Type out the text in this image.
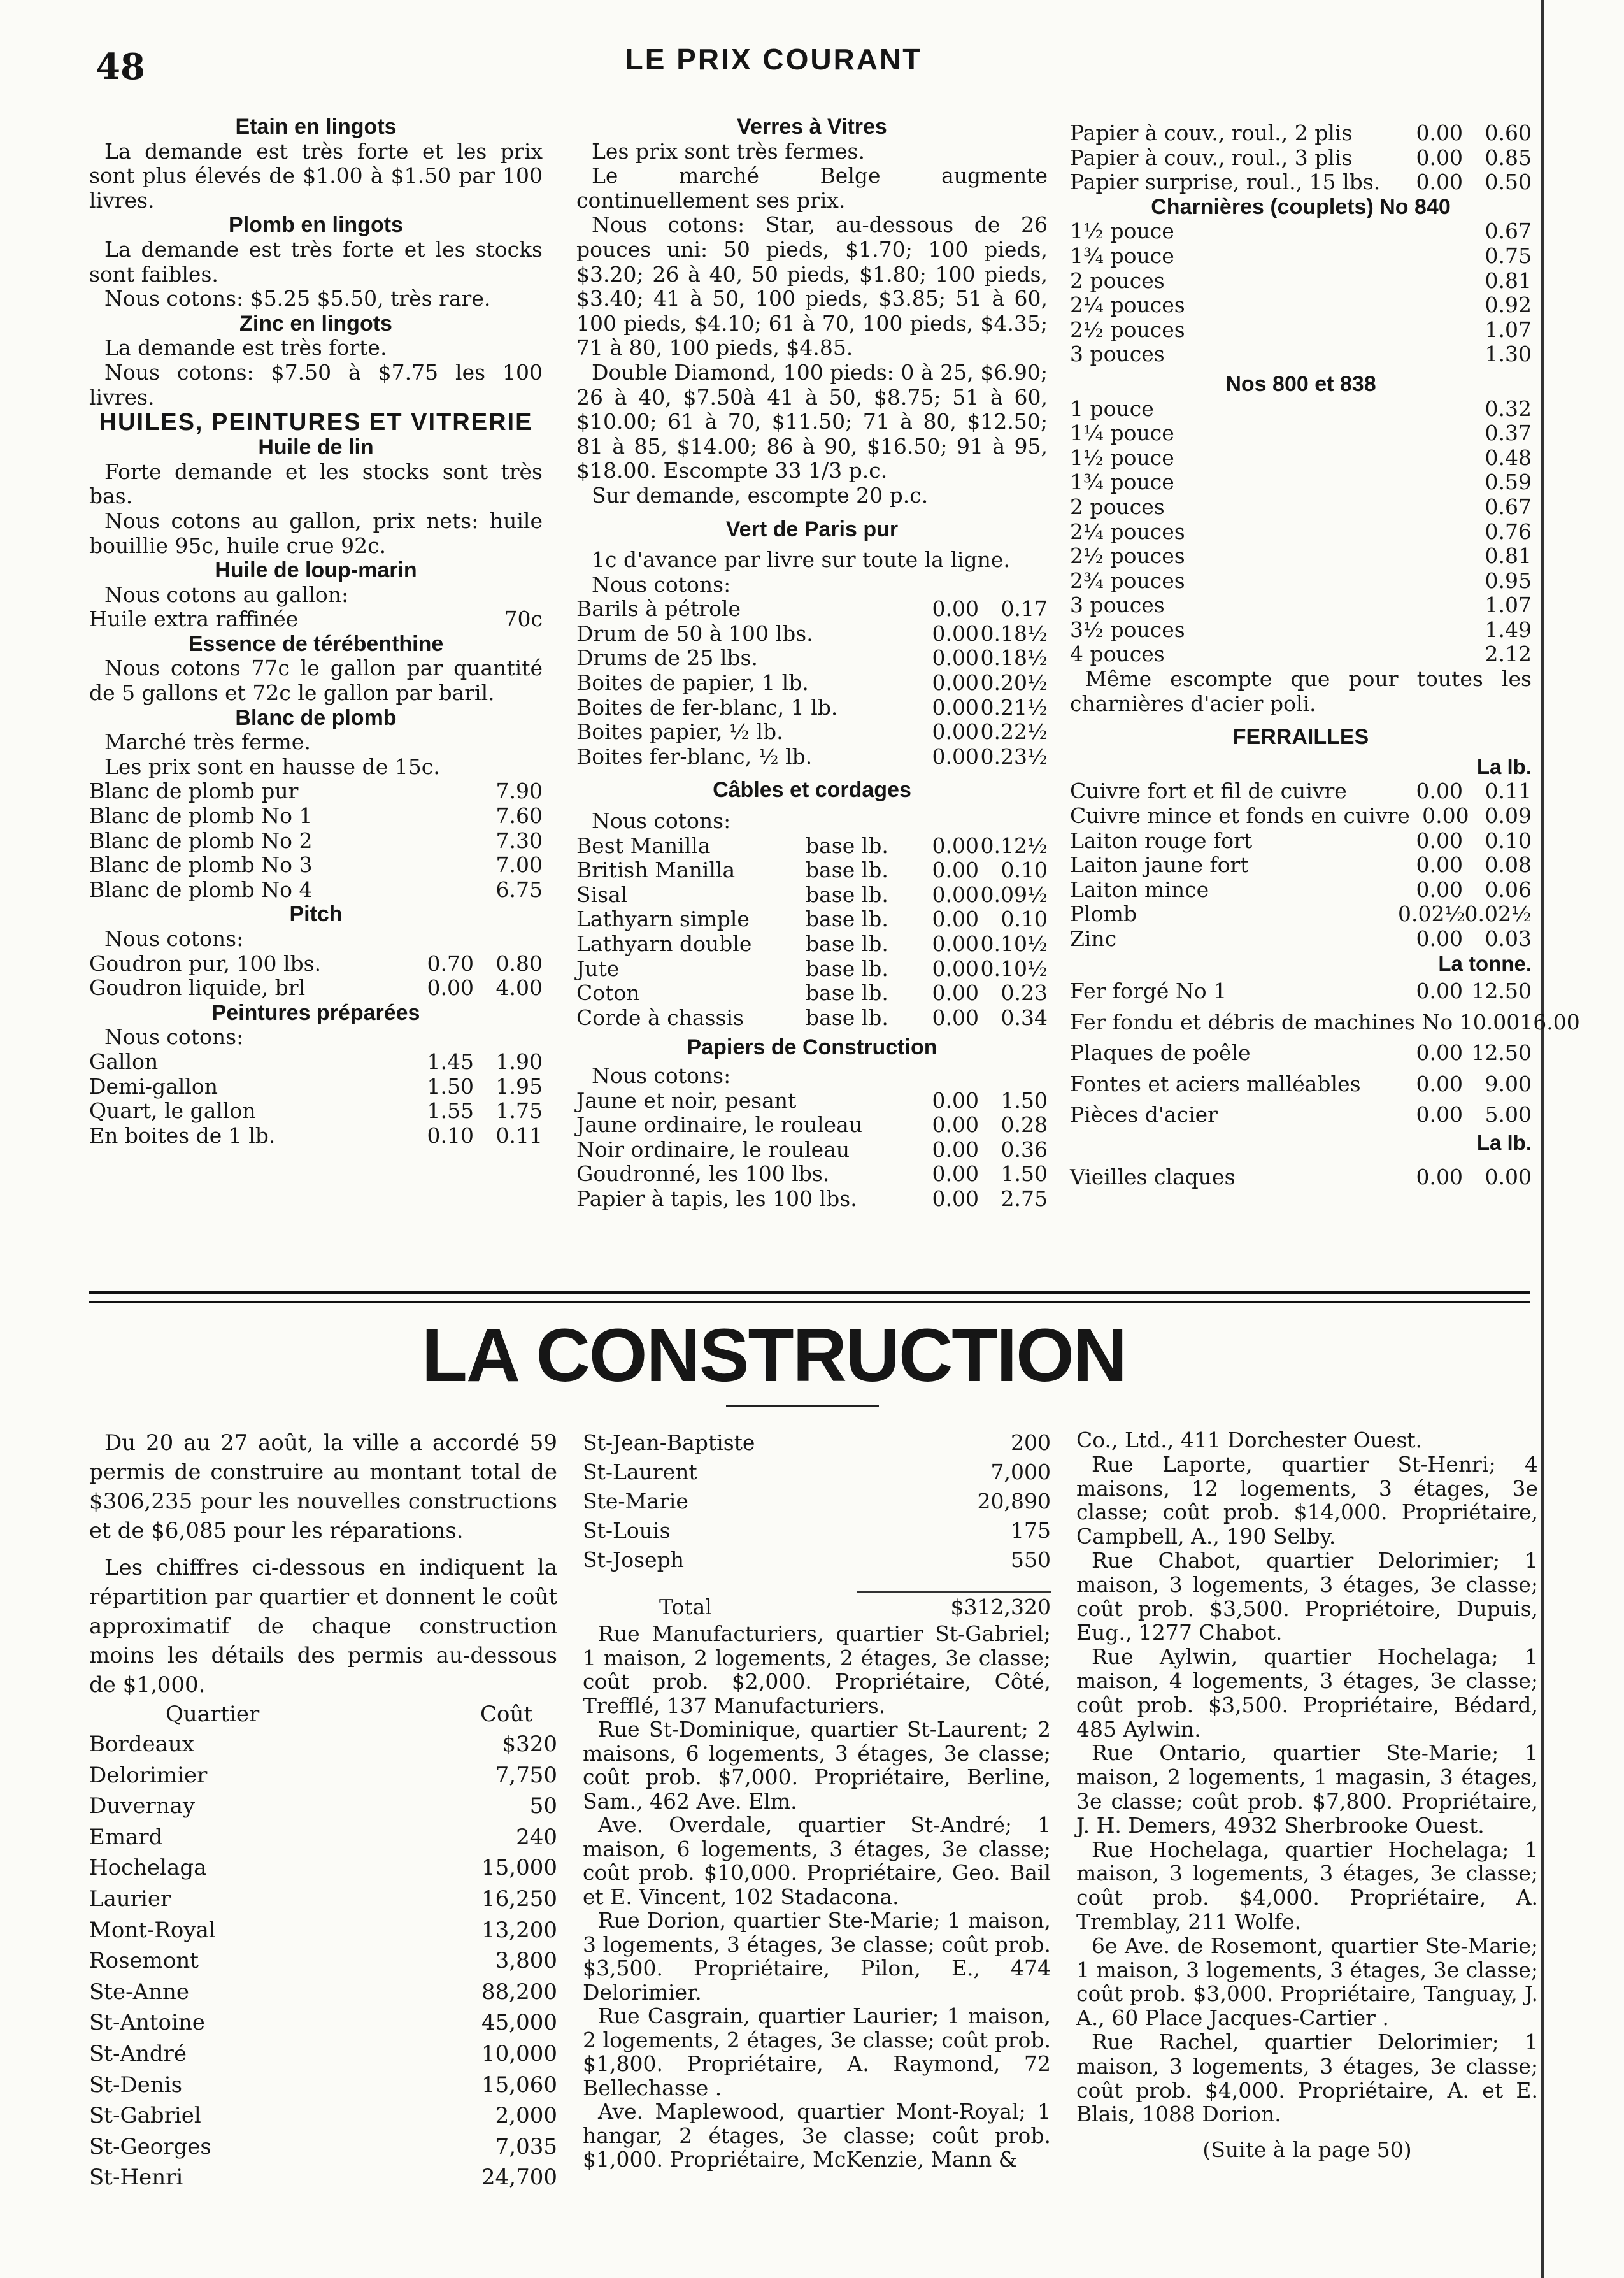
48	LE PRIX COURANT
Etain en lingots

La demande est très forte et les prix sont plus élevés de $1.00 à $1.50 par 100 livres.

Plomb en lingots

La demande est très forte et les stocks sont faibles.

Nous cotons: $5.25 $5.50, très rare.

Zinc en lingots

La demande est très forte.

Nous cotons: $7.50 à $7.75 les 100 livres.

HUILES, PEINTURES ET VITRERIE
Huile de lin

Forte demande et les stocks sont très bas.

Nous cotons au gallon, prix nets: huile bouillie 95c, huile crue 92c.

Huile de loup-marin

Nous cotons au gallon:

Huile extra raffinée	70c
Essence de térébenthine

Nous cotons 77c le gallon par quantité de 5 gallons et 72c le gallon par baril.

Blanc de plomb

Marché très ferme.

Les prix sont en hausse de 15c.

Blanc de plomb pur	7.90
Blanc de plomb No 1	7.60
Blanc de plomb No 2	7.30
Blanc de plomb No 3	7.00
Blanc de plomb No 4	6.75
Pitch

Nous cotons:

Goudron pur, 100 lbs.	0.70	0.80
Goudron liquide, brl	0.00	4.00
Peintures préparées

Nous cotons:

Gallon	1.45	1.90
Demi-gallon	1.50	1.95
Quart, le gallon	1.55	1.75
En boites de 1 lb.	0.10	0.11
Verres à Vitres

Les prix sont très fermes.

Le marché Belge augmente continuellement ses prix.

Nous cotons: Star, au-dessous de 26 pouces uni: 50 pieds, $1.70; 100 pieds, $3.20; 26 à 40, 50 pieds, $1.80; 100 pieds, $3.40; 41 à 50, 100 pieds, $3.85; 51 à 60, 100 pieds, $4.10; 61 à 70, 100 pieds, $4.35; 71 à 80, 100 pieds, $4.85.

Double Diamond, 100 pieds: 0 à 25, $6.90; 26 à 40, $7.50à 41 à 50, $8.75; 51 à 60, $10.00; 61 à 70, $11.50; 71 à 80, $12.50; 81 à 85, $14.00; 86 à 90, $16.50; 91 à 95, $18.00. Escompte 33 1/3 p.c.

Sur demande, escompte 20 p.c.

Vert de Paris pur

1c d'avance par livre sur toute la ligne.

Nous cotons:

Barils à pétrole	0.00	0.17
Drum de 50 à 100 lbs.	0.00 0.18½
Drums de 25 lbs.	0.00 0.18½
Boites de papier, 1 lb.	0.00 0.20½
Boites de fer-blanc, 1 lb.	0.00 0.21½
Boites papier, ½ lb.	0.00 0.22½
Boites fer-blanc, ½ lb.	0.00 0.23½
Câbles et cordages

Nous cotons:

Best Manilla	base lb.	0.00 0.12½
British Manilla	base lb.	0.00	0.10
Sisal	base lb.	0.00 0.09½
Lathyarn simple	base lb.	0.00	0.10
Lathyarn double	base lb.	0.00 0.10½
Jute	base lb.	0.00 0.10½
Coton	base lb.	0.00	0.23
Corde à chassis	base lb.	0.00	0.34
Papiers de Construction

Nous cotons:

Jaune et noir, pesant	0.00	1.50
Jaune ordinaire, le rouleau	0.00	0.28
Noir ordinaire, le rouleau	0.00	0.36
Goudronné, les 100 lbs.	0.00	1.50
Papier à tapis, les 100 lbs.	0.00	2.75
Papier à couv., roul., 2 plis	0.00	0.60
Papier à couv., roul., 3 plis	0.00	0.85
Papier surprise, roul., 15 lbs.	0.00	0.50
Charnières (couplets) No 840
1½ pouce	0.67
1¾ pouce	0.75
2 pouces	0.81
2¼ pouces	0.92
2½ pouces	1.07
3 pouces	1.30
Nos 800 et 838
1 pouce	0.32
1¼ pouce	0.37
1½ pouce	0.48
1¾ pouce	0.59
2 pouces	0.67
2¼ pouces	0.76
2½ pouces	0.81
2¾ pouces	0.95
3 pouces	1.07
3½ pouces	1.49
4 pouces	2.12

Même escompte que pour toutes les charnières d'acier poli.

FERRAILLES
La lb.
Cuivre fort et fil de cuivre	0.00	0.11
Cuivre mince et fonds en cuivre 0.00 0.09
Laiton rouge fort	0.00	0.10
Laiton jaune fort	0.00	0.08
Laiton mince	0.00	0.06
Plomb	0.02½ 0.02½
Zinc	0.00	0.03
La tonne.
Fer forgé No 1	0.00 12.50
Fer fondu et débris de machines No 1 0.00 16.00
Plaques de poêle	0.00 12.50
Fontes et aciers malléables	0.00	9.00
Pièces d'acier	0.00	5.00
La lb.
Vieilles claques	0.00	0.00
LA CONSTRUCTION

Du 20 au 27 août, la ville a accordé 59 permis de construire au montant total de $306,235 pour les nouvelles constructions et de $6,085 pour les réparations.

Les chiffres ci-dessous en indiquent la répartition par quartier et donnent le coût approximatif de chaque construction moins les détails des permis au-dessous de $1,000.

Quartier	Coût
Bordeaux	$320
Delorimier	7,750
Duvernay	50
Emard	240
Hochelaga	15,000
Laurier	16,250
Mont-Royal	13,200
Rosemont	3,800
Ste-Anne	88,200
St-Antoine	45,000
St-André	10,000
St-Denis	15,060
St-Gabriel	2,000
St-Georges	7,035
St-Henri	24,700
St-Jean-Baptiste	200
St-Laurent	7,000
Ste-Marie	20,890
St-Louis	175
St-Joseph	550
Total	$312,320

Rue Manufacturiers, quartier St-Gabriel; 1 maison, 2 logements, 2 étages, 3e classe; coût prob. $2,000. Propriétaire, Côté, Trefflé, 137 Manufacturiers.

Rue St-Dominique, quartier St-Laurent; 2 maisons, 6 logements, 3 étages, 3e classe; coût prob. $7,000. Propriétaire, Berline, Sam., 462 Ave. Elm.

Ave. Overdale, quartier St-André; 1 maison, 6 logements, 3 étages, 3e classe; coût prob. $10,000. Propriétaire, Geo. Bail et E. Vincent, 102 Stadacona.

Rue Dorion, quartier Ste-Marie; 1 maison, 3 logements, 3 étages, 3e classe; coût prob. $3,500. Propriétaire, Pilon, E., 474 Delorimier.

Rue Casgrain, quartier Laurier; 1 maison, 2 logements, 2 étages, 3e classe; coût prob. $1,800. Propriétaire, A. Raymond, 72 Bellechasse .

Ave. Maplewood, quartier Mont-Royal; 1 hangar, 2 étages, 3e classe; coût prob. $1,000. Propriétaire, McKenzie, Mann &

Co., Ltd., 411 Dorchester Ouest.

Rue Laporte, quartier St-Henri; 4 maisons, 12 logements, 3 étages, 3e classe; coût prob. $14,000. Propriétaire, Campbell, A., 190 Selby.

Rue Chabot, quartier Delorimier; 1 maison, 3 logements, 3 étages, 3e classe; coût prob. $3,500. Propriétoire, Dupuis, Eug., 1277 Chabot.

Rue Aylwin, quartier Hochelaga; 1 maison, 4 logements, 3 étages, 3e classe; coût prob. $3,500. Propriétaire, Bédard, 485 Aylwin.

Rue Ontario, quartier Ste-Marie; 1 maison, 2 logements, 1 magasin, 3 étages, 3e classe; coût prob. $7,800. Propriétaire, J. H. Demers, 4932 Sherbrooke Ouest.

Rue Hochelaga, quartier Hochelaga; 1 maison, 3 logements, 3 étages, 3e classe; coût prob. $4,000. Propriétaire, A. Tremblay, 211 Wolfe.

6e Ave. de Rosemont, quartier Ste-Marie; 1 maison, 3 logements, 3 étages, 3e classe; coût prob. $3,000. Propriétaire, Tanguay, J. A., 60 Place Jacques-Cartier .

Rue Rachel, quartier Delorimier; 1 maison, 3 logements, 3 étages, 3e classe; coût prob. $4,000. Propriétaire, A. et E. Blais, 1088 Dorion.

(Suite à la page 50)
